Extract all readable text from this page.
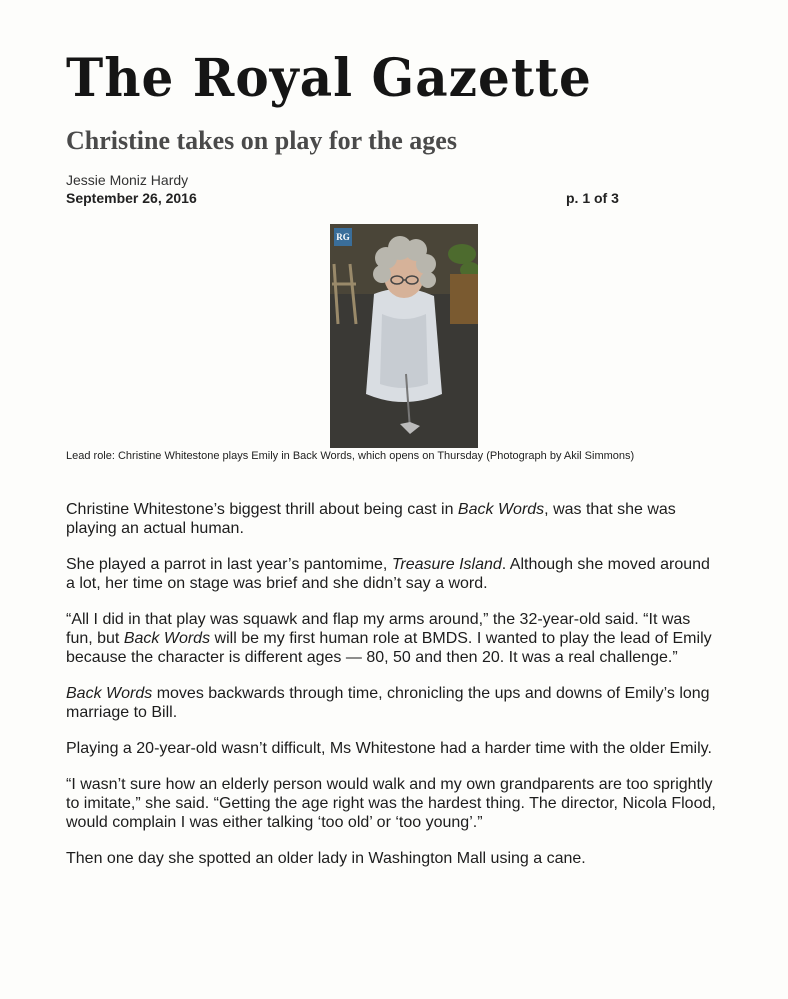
The Royal Gazette
Christine takes on play for the ages
Jessie Moniz Hardy
September 26, 2016	p. 1 of 3
RG
Lead role: Christine Whitestone plays Emily in Back Words, which opens on Thursday (Photograph by Akil Simmons)

Christine Whitestone’s biggest thrill about being cast in Back Words, was that she was playing an actual human.

She played a parrot in last year’s pantomime, Treasure Island. Although she moved around a lot, her time on stage was brief and she didn’t say a word.

“All I did in that play was squawk and flap my arms around,” the 32-year-old said. “It was fun, but Back Words will be my first human role at BMDS. I wanted to play the lead of Emily because the character is different ages — 80, 50 and then 20. It was a real challenge.”

Back Words moves backwards through time, chronicling the ups and downs of Emily’s long marriage to Bill.

Playing a 20-year-old wasn’t difficult, Ms Whitestone had a harder time with the older Emily.

“I wasn’t sure how an elderly person would walk and my own grandparents are too sprightly to imitate,” she said. “Getting the age right was the hardest thing. The director, Nicola Flood, would complain I was either talking ‘too old’ or ‘too young’.”

Then one day she spotted an older lady in Washington Mall using a cane.
